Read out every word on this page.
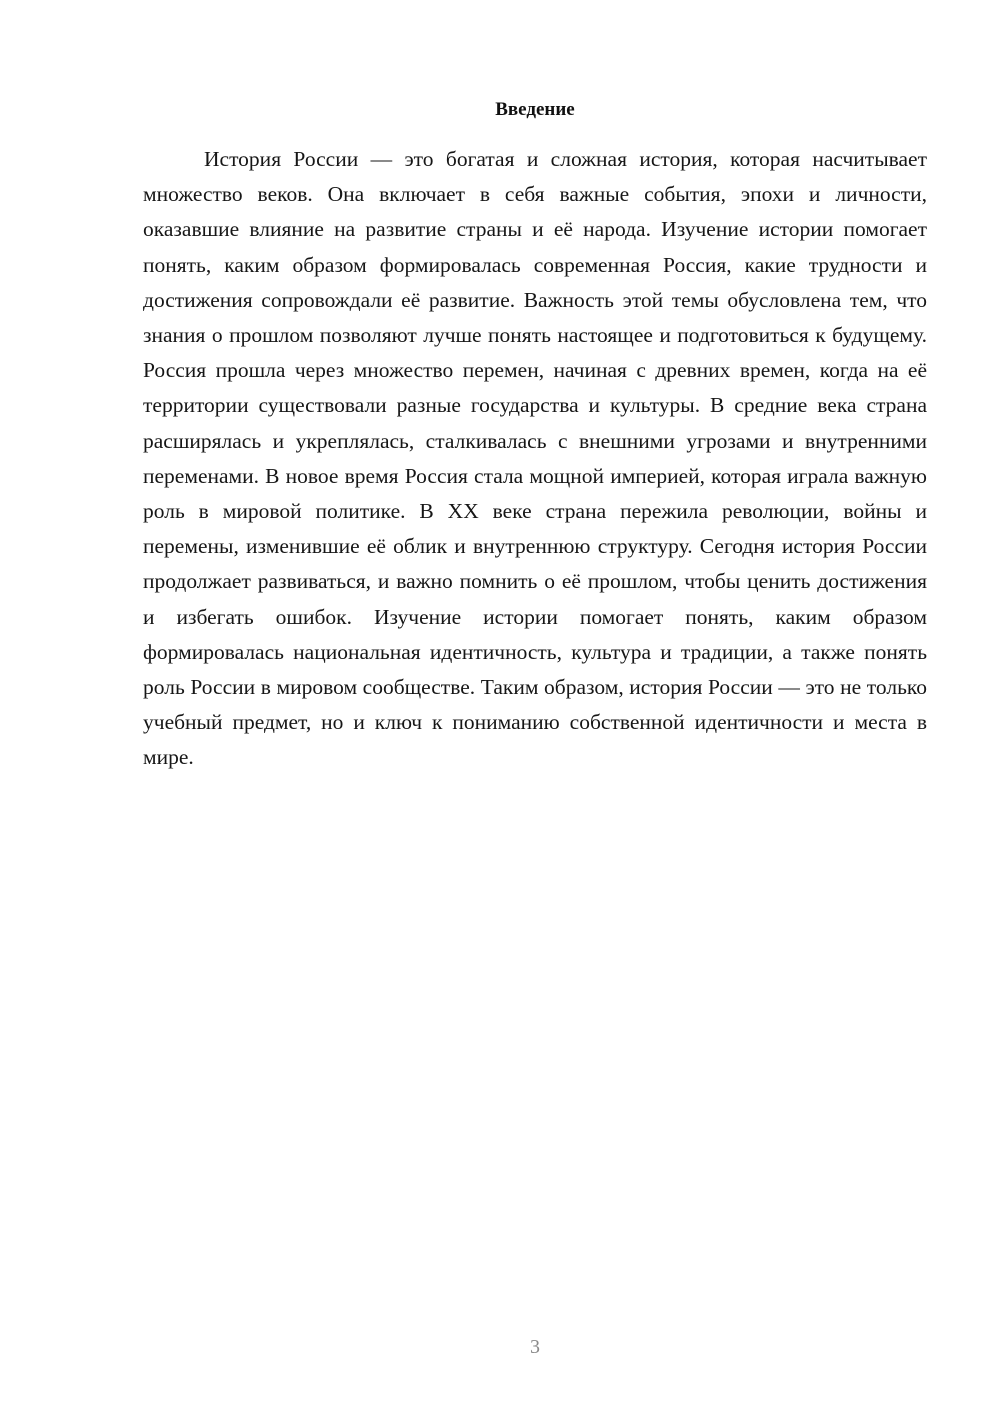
Введение

История России — это богатая и сложная история, которая насчитывает множество веков. Она включает в себя важные события, эпохи и личности, оказавшие влияние на развитие страны и её народа. Изучение истории помогает понять, каким образом формировалась современная Россия, какие трудности и достижения сопровождали её развитие. Важность этой темы обусловлена тем, что знания о прошлом позволяют лучше понять настоящее и подготовиться к будущему. Россия прошла через множество перемен, начиная с древних времен, когда на её территории существовали разные государства и культуры. В средние века страна расширялась и укреплялась, сталкивалась с внешними угрозами и внутренними переменами. В новое время Россия стала мощной империей, которая играла важную роль в мировой политике. В XX веке страна пережила революции, войны и перемены, изменившие её облик и внутреннюю структуру. Сегодня история России продолжает развиваться, и важно помнить о её прошлом, чтобы ценить достижения и избегать ошибок. Изучение истории помогает понять, каким образом формировалась национальная идентичность, культура и традиции, а также понять роль России в мировом сообществе. Таким образом, история России — это не только учебный предмет, но и ключ к пониманию собственной идентичности и места в мире.

3
